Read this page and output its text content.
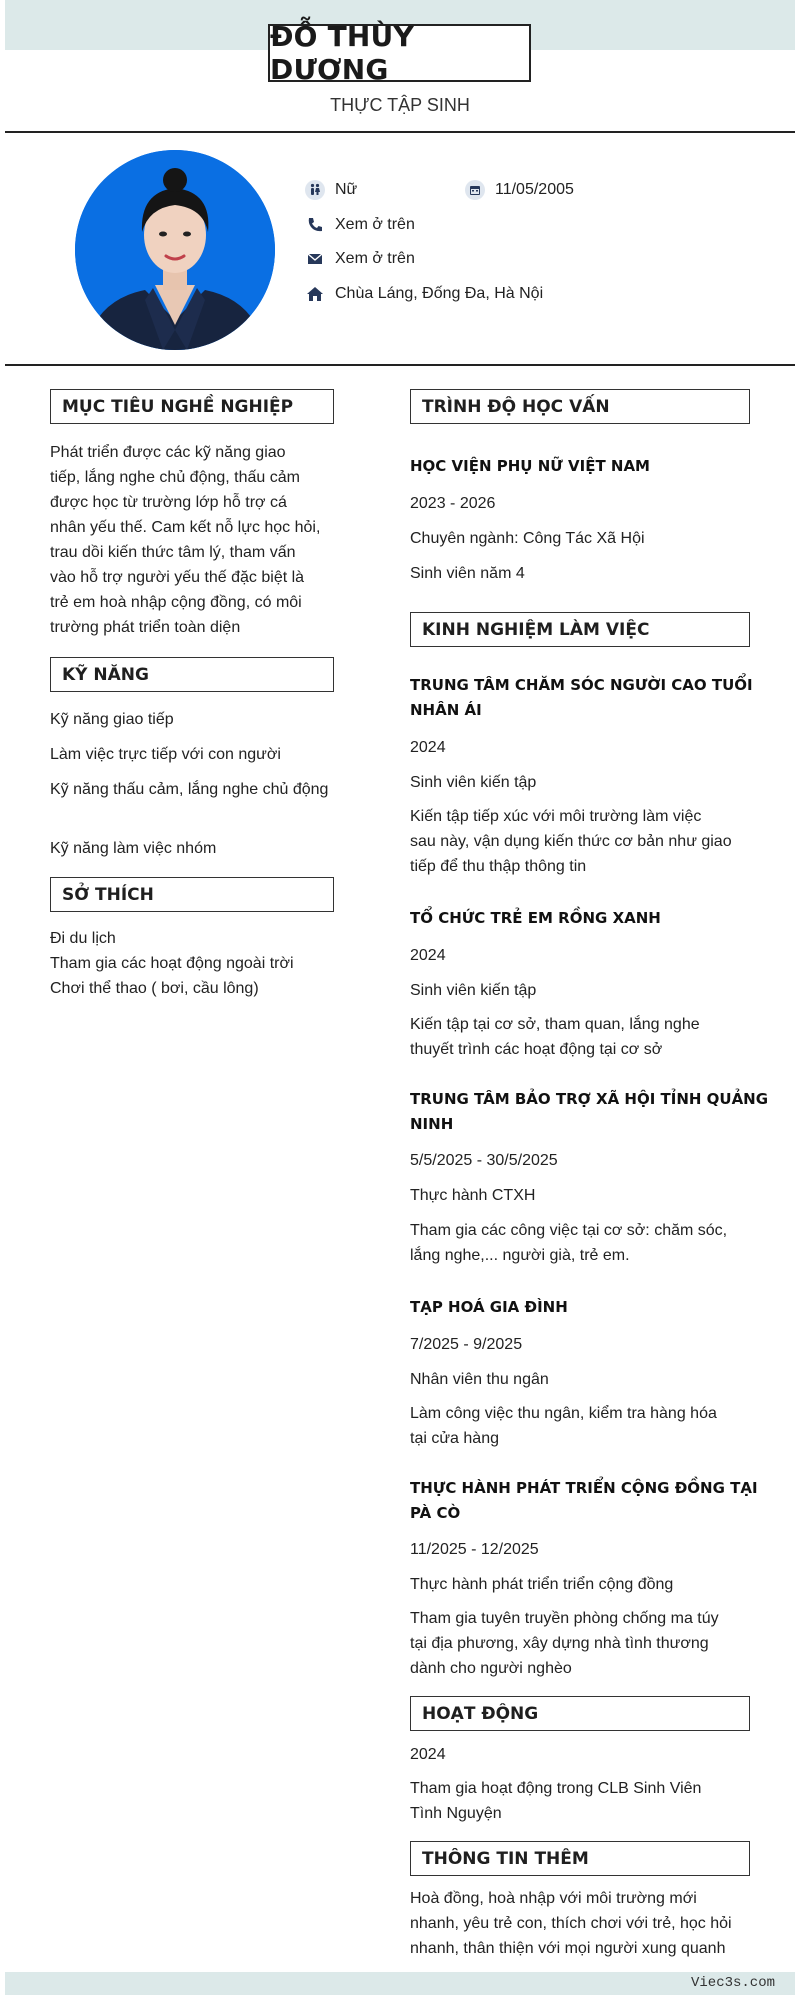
ĐỖ THÙY DƯƠNG
THỰC TẬP SINH
Nữ	11/05/2005
Xem ở trên
Xem ở trên
Chùa Láng, Đống Đa, Hà Nội
MỤC TIÊU NGHỀ NGHIỆP
Phát triển được các kỹ năng giao
tiếp, lắng nghe chủ động, thấu cảm
được học từ trường lớp hỗ trợ cá
nhân yếu thế. Cam kết nỗ lực học hỏi,
trau dồi kiến thức tâm lý, tham vấn
vào hỗ trợ người yếu thế đặc biệt là
trẻ em hoà nhập cộng đồng, có môi
trường phát triển toàn diện
KỸ NĂNG
Kỹ năng giao tiếp
Làm việc trực tiếp với con người
Kỹ năng thấu cảm, lắng nghe chủ động
Kỹ năng làm việc nhóm
SỞ THÍCH
Đi du lịch
Tham gia các hoạt động ngoài trời
Chơi thể thao ( bơi, cầu lông)
TRÌNH ĐỘ HỌC VẤN
HỌC VIỆN PHỤ NỮ VIỆT NAM
2023 - 2026
Chuyên ngành: Công Tác Xã Hội
Sinh viên năm 4
KINH NGHIỆM LÀM VIỆC
TRUNG TÂM CHĂM SÓC NGƯỜI CAO TUỔI
NHÂN ÁI
2024
Sinh viên kiến tập
Kiến tập tiếp xúc với môi trường làm việc
sau này, vận dụng kiến thức cơ bản như giao
tiếp để thu thập thông tin
TỔ CHỨC TRẺ EM RỒNG XANH
2024
Sinh viên kiến tập
Kiến tập tại cơ sở, tham quan, lắng nghe
thuyết trình các hoạt động tại cơ sở
TRUNG TÂM BẢO TRỢ XÃ HỘI TỈNH QUẢNG
NINH
5/5/2025 - 30/5/2025
Thực hành CTXH
Tham gia các công việc tại cơ sở: chăm sóc,
lắng nghe,... người già, trẻ em.
TẠP HOÁ GIA ĐÌNH
7/2025 - 9/2025
Nhân viên thu ngân
Làm công việc thu ngân, kiểm tra hàng hóa
tại cửa hàng
THỰC HÀNH PHÁT TRIỂN CỘNG ĐỒNG TẠI
PÀ CÒ
11/2025 - 12/2025
Thực hành phát triển triển cộng đồng
Tham gia tuyên truyền phòng chống ma túy
tại địa phương, xây dựng nhà tình thương
dành cho người nghèo
HOẠT ĐỘNG
2024
Tham gia hoạt động trong CLB Sinh Viên
Tình Nguyện
THÔNG TIN THÊM
Hoà đồng, hoà nhập với môi trường mới
nhanh, yêu trẻ con, thích chơi với trẻ, học hỏi
nhanh, thân thiện với mọi người xung quanh
Viec3s.com
